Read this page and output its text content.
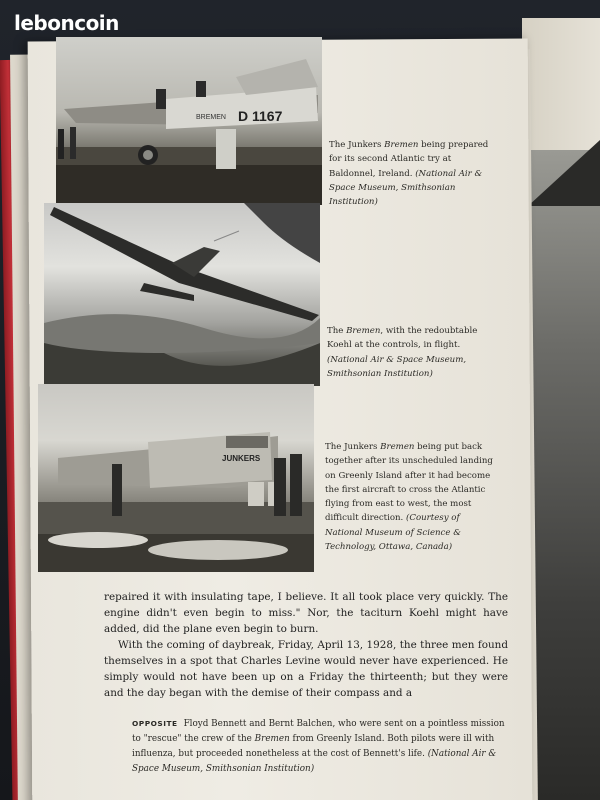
BREMEN D 1167
JUNKERS
The Junkers Bremen being prepared for its second Atlantic try at Baldonnel, Ireland. (National Air & Space Museum, Smithsonian Institution)
The Bremen, with the redoubtable Koehl at the controls, in flight. (National Air & Space Museum, Smithsonian Institution)
The Junkers Bremen being put back together after its unscheduled landing on Greenly Island after it had become the first aircraft to cross the Atlantic flying from east to west, the most difficult direction. (Courtesy of National Museum of Science & Technology, Ottawa, Canada)

repaired it with insulating tape, I believe. It all took place very quickly. The engine didn't even begin to miss." Nor, the taciturn Koehl might have added, did the plane even begin to burn.

With the coming of daybreak, Friday, April 13, 1928, the three men found themselves in a spot that Charles Levine would never have experienced. He simply would not have been up on a Friday the thirteenth; but they were and the day began with the demise of their compass and a

OPPOSITE Floyd Bennett and Bernt Balchen, who were sent on a pointless mission to "rescue" the crew of the Bremen from Greenly Island. Both pilots were ill with influenza, but proceeded nonetheless at the cost of Bennett's life. (National Air & Space Museum, Smithsonian Institution)
leboncoin
